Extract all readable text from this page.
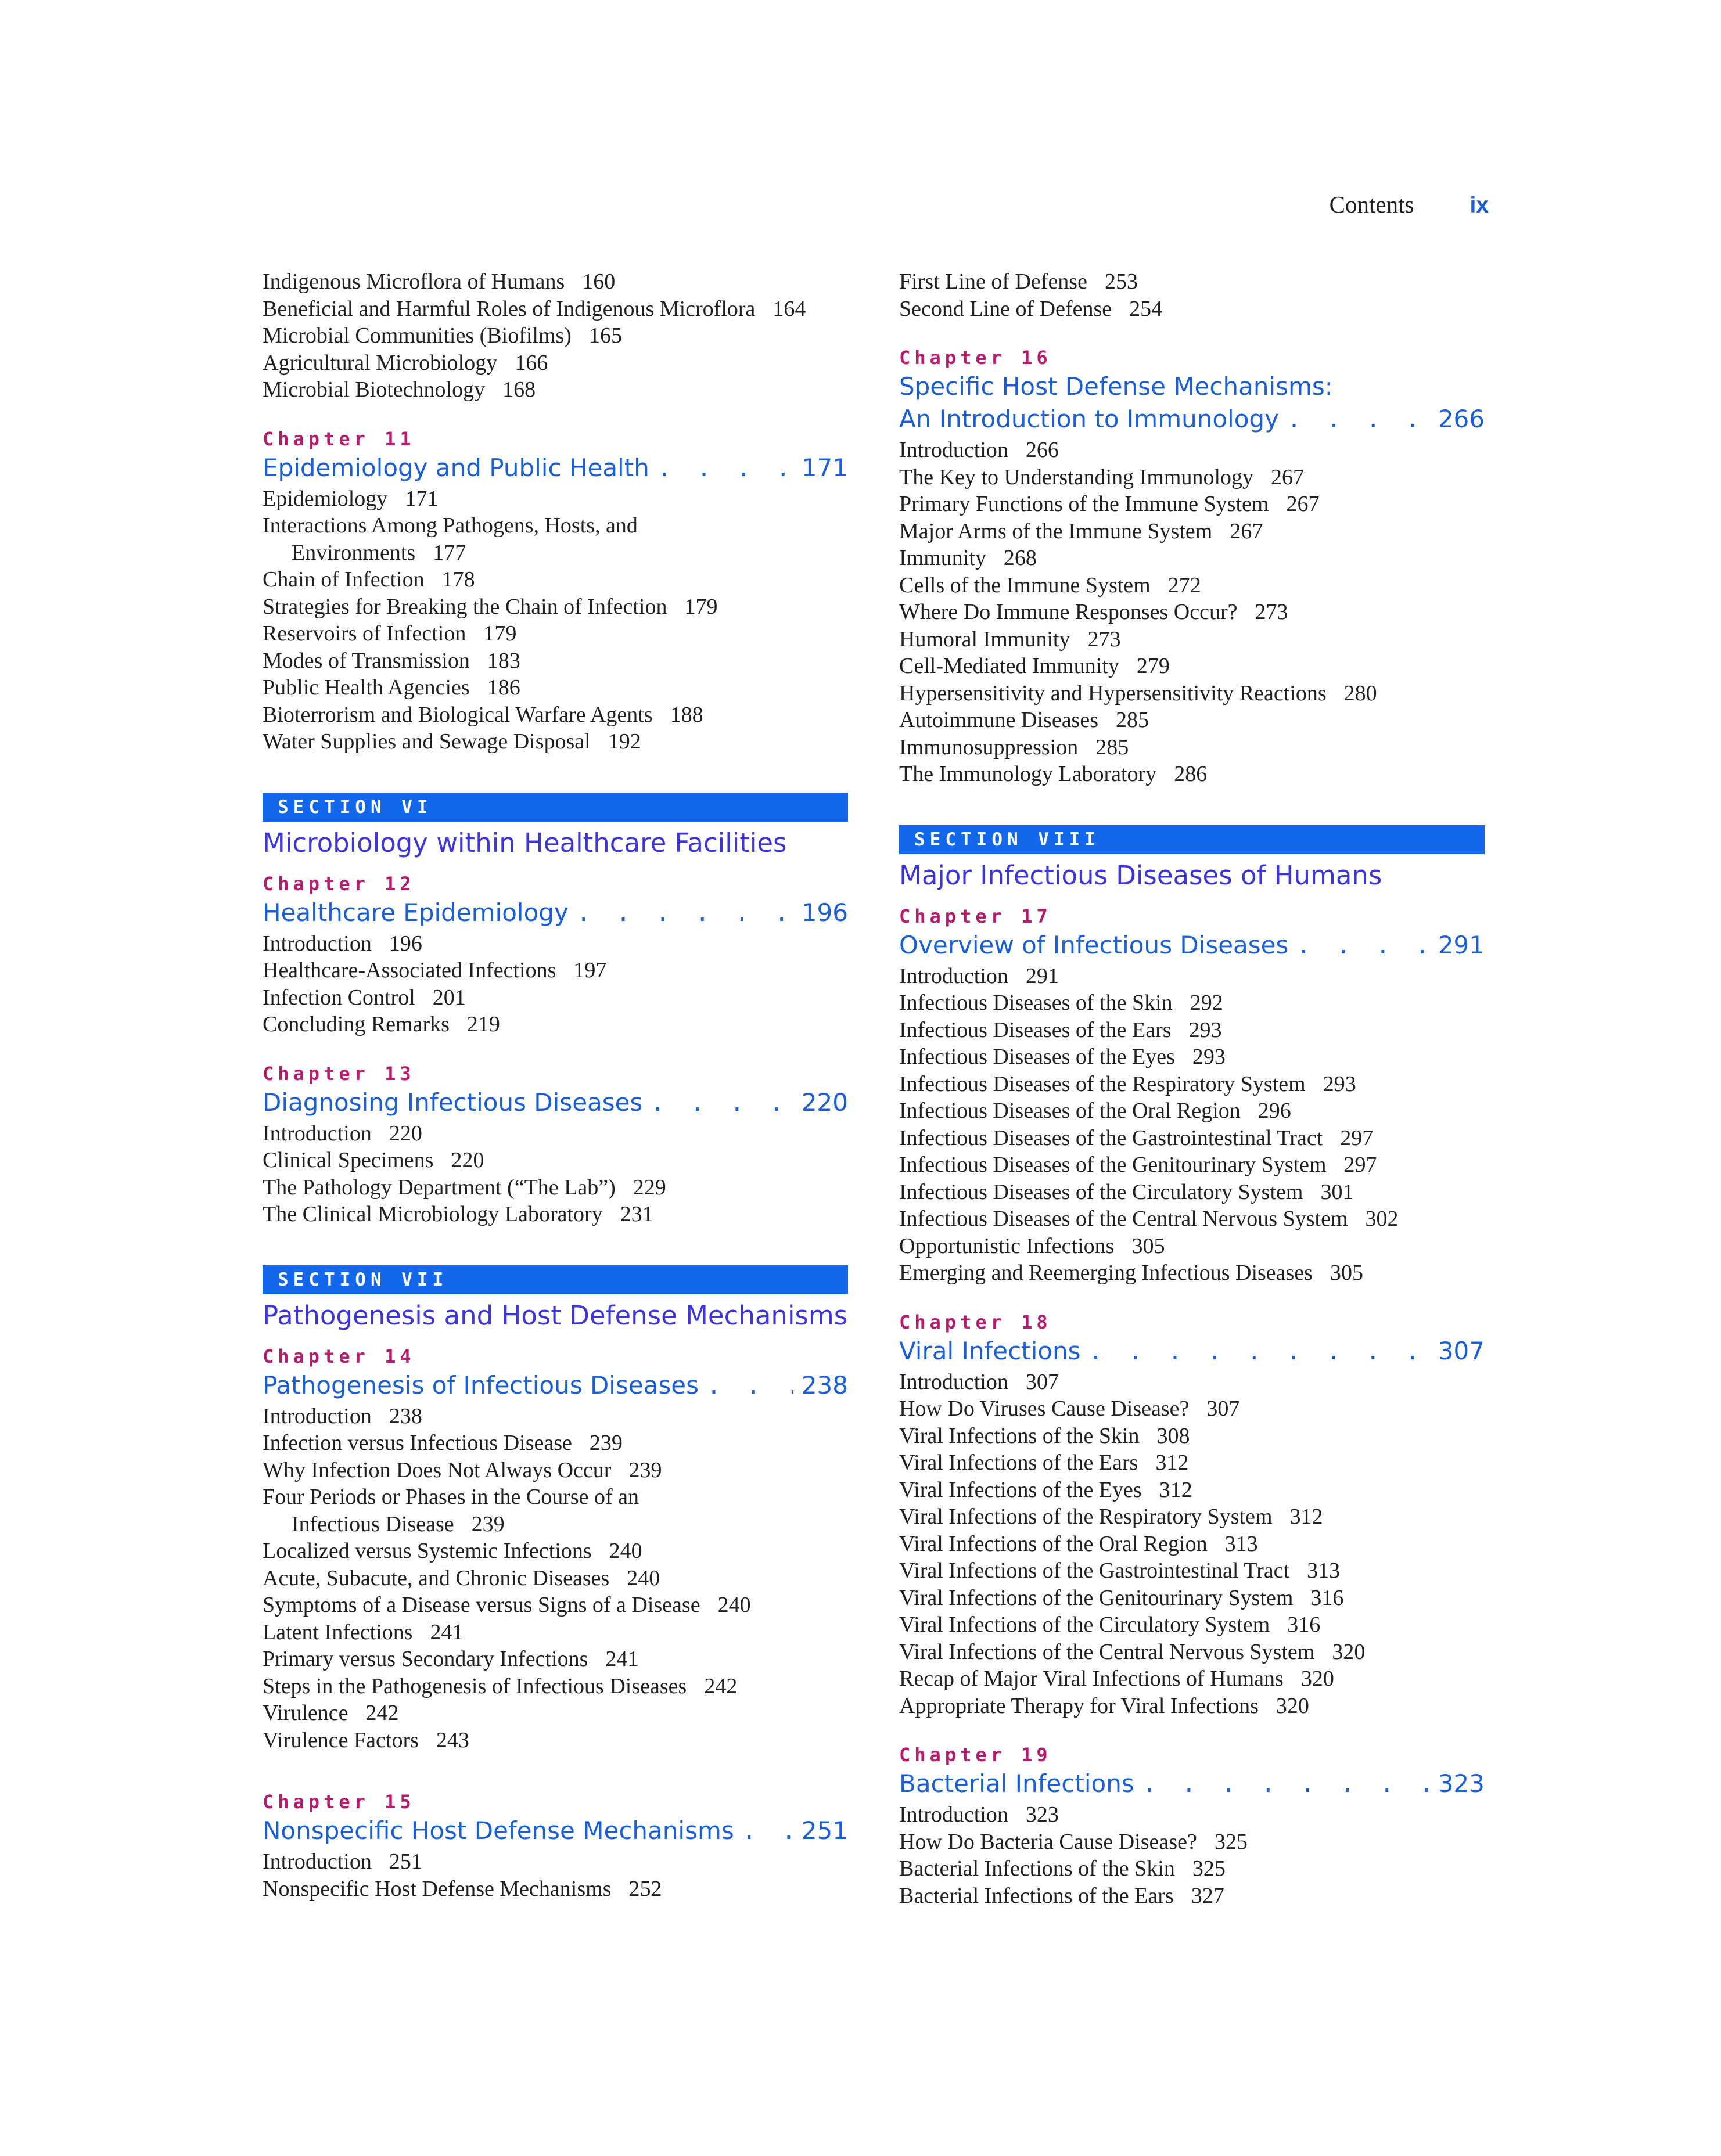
Contents ix
Indigenous Microflora of Humans 160
Beneficial and Harmful Roles of Indigenous Microflora 164
Microbial Communities (Biofilms) 165
Agricultural Microbiology 166
Microbial Biotechnology 168
Chapter 11
Epidemiology and Public Health . . .	171
Epidemiology 171
Interactions Among Pathogens, Hosts, and
Environments 177
Chain of Infection 178
Strategies for Breaking the Chain of Infection 179
Reservoirs of Infection 179
Modes of Transmission 183
Public Health Agencies 186
Bioterrorism and Biological Warfare Agents 188
Water Supplies and Sewage Disposal 192
SECTION VI
Microbiology within Healthcare Facilities
Chapter 12
Healthcare Epidemiology . . .	196
Introduction 196
Healthcare-Associated Infections 197
Infection Control 201
Concluding Remarks 219
Chapter 13
Diagnosing Infectious Diseases . . .	220
Introduction 220
Clinical Specimens 220
The Pathology Department (“The Lab”) 229
The Clinical Microbiology Laboratory 231
SECTION VII
Pathogenesis and Host Defense Mechanisms
Chapter 14
Pathogenesis of Infectious Diseases . . .	238
Introduction 238
Infection versus Infectious Disease 239
Why Infection Does Not Always Occur 239
Four Periods or Phases in the Course of an
Infectious Disease 239
Localized versus Systemic Infections 240
Acute, Subacute, and Chronic Diseases 240
Symptoms of a Disease versus Signs of a Disease 240
Latent Infections 241
Primary versus Secondary Infections 241
Steps in the Pathogenesis of Infectious Diseases 242
Virulence 242
Virulence Factors 243
Chapter 15
Nonspecific Host Defense Mechanisms . . .	251
Introduction 251
Nonspecific Host Defense Mechanisms 252
First Line of Defense 253
Second Line of Defense 254
Chapter 16
Specific Host Defense Mechanisms:
An Introduction to Immunology . . .	266
Introduction 266
The Key to Understanding Immunology 267
Primary Functions of the Immune System 267
Major Arms of the Immune System 267
Immunity 268
Cells of the Immune System 272
Where Do Immune Responses Occur? 273
Humoral Immunity 273
Cell-Mediated Immunity 279
Hypersensitivity and Hypersensitivity Reactions 280
Autoimmune Diseases 285
Immunosuppression 285
The Immunology Laboratory 286
SECTION VIII
Major Infectious Diseases of Humans
Chapter 17
Overview of Infectious Diseases . . .	291
Introduction 291
Infectious Diseases of the Skin 292
Infectious Diseases of the Ears 293
Infectious Diseases of the Eyes 293
Infectious Diseases of the Respiratory System 293
Infectious Diseases of the Oral Region 296
Infectious Diseases of the Gastrointestinal Tract 297
Infectious Diseases of the Genitourinary System 297
Infectious Diseases of the Circulatory System 301
Infectious Diseases of the Central Nervous System 302
Opportunistic Infections 305
Emerging and Reemerging Infectious Diseases 305
Chapter 18
Viral Infections . . .	307
Introduction 307
How Do Viruses Cause Disease? 307
Viral Infections of the Skin 308
Viral Infections of the Ears 312
Viral Infections of the Eyes 312
Viral Infections of the Respiratory System 312
Viral Infections of the Oral Region 313
Viral Infections of the Gastrointestinal Tract 313
Viral Infections of the Genitourinary System 316
Viral Infections of the Circulatory System 316
Viral Infections of the Central Nervous System 320
Recap of Major Viral Infections of Humans 320
Appropriate Therapy for Viral Infections 320
Chapter 19
Bacterial Infections . . .	323
Introduction 323
How Do Bacteria Cause Disease? 325
Bacterial Infections of the Skin 325
Bacterial Infections of the Ears 327
